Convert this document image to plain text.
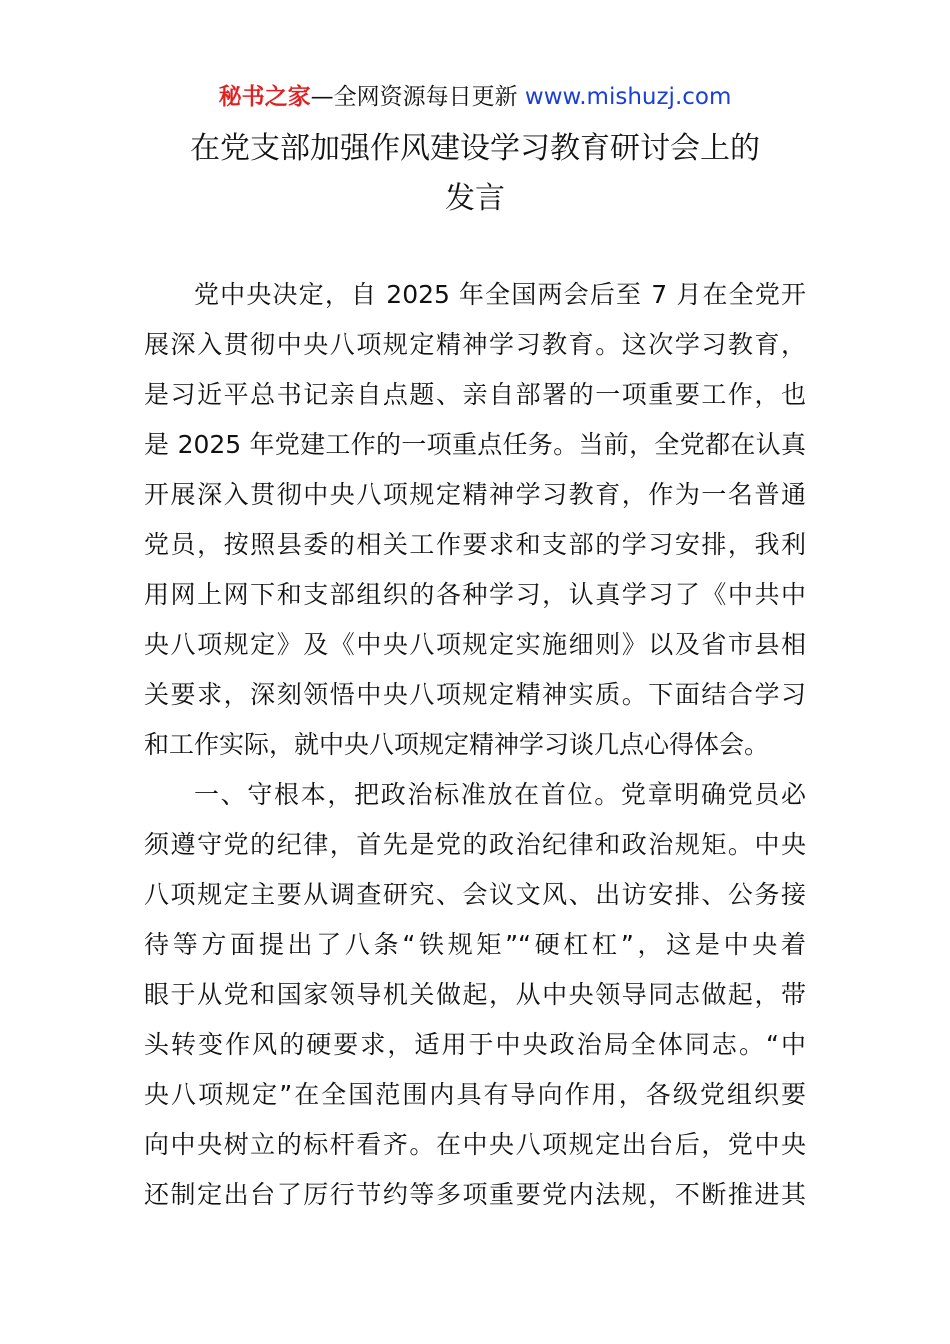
秘书之家—全网资源每日更新 www.mishuzj.com
在党支部加强作风建设学习教育研讨会上的
发言
党中央决定，自 2025 年全国两会后至 7 月在全党开
展深入贯彻中央八项规定精神学习教育。这次学习教育，
是习近平总书记亲自点题、亲自部署的一项重要工作，也
是 2025 年党建工作的一项重点任务。当前，全党都在认真
开展深入贯彻中央八项规定精神学习教育，作为一名普通
党员，按照县委的相关工作要求和支部的学习安排，我利
用网上网下和支部组织的各种学习，认真学习了《中共中
央八项规定》及《中央八项规定实施细则》以及省市县相
关要求，深刻领悟中央八项规定精神实质。下面结合学习
和工作实际，就中央八项规定精神学习谈几点心得体会。
一、守根本，把政治标准放在首位。党章明确党员必
须遵守党的纪律，首先是党的政治纪律和政治规矩。中央
八项规定主要从调查研究、会议文风、出访安排、公务接
待等方面提出了八条“铁规矩”“硬杠杠”，这是中央着
眼于从党和国家领导机关做起，从中央领导同志做起，带
头转变作风的硬要求，适用于中央政治局全体同志。“中
央八项规定”在全国范围内具有导向作用，各级党组织要
向中央树立的标杆看齐。在中央八项规定出台后，党中央
还制定出台了厉行节约等多项重要党内法规，不断推进其
